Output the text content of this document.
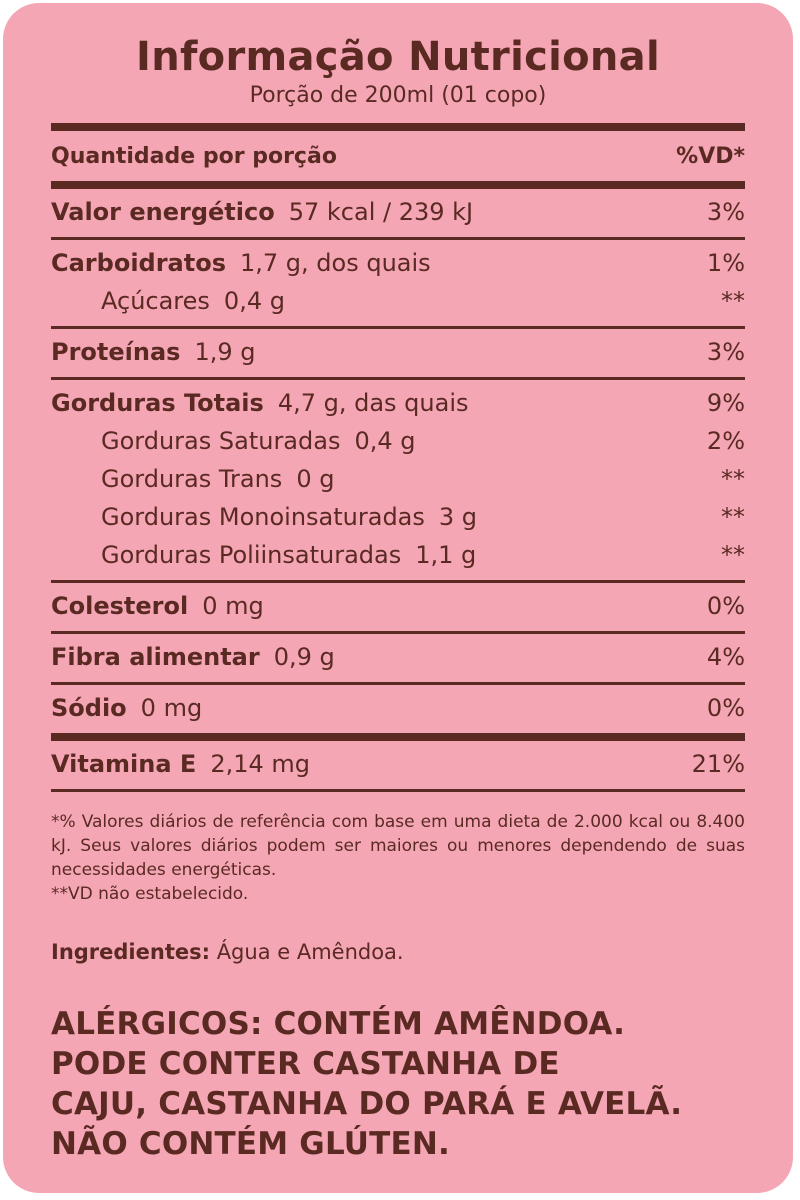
Informação Nutricional
Porção de 200ml (01 copo)
Quantidade por porção	%VD*
Valor energético 57 kcal / 239 kJ	3%
Carboidratos 1,7 g, dos quais	1%
Açúcares 0,4 g	**
Proteínas 1,9 g	3%
Gorduras Totais 4,7 g, das quais	9%
Gorduras Saturadas 0,4 g	2%
Gorduras Trans 0 g	**
Gorduras Monoinsaturadas 3 g	**
Gorduras Poliinsaturadas 1,1 g	**
Colesterol 0 mg	0%
Fibra alimentar 0,9 g	4%
Sódio 0 mg	0%
Vitamina E 2,14 mg	21%

*% Valores diários de referência com base em uma dieta de 2.000 kcal ou 8.400 kJ. Seus valores diários podem ser maiores ou menores dependendo de suas necessidades energéticas.

**VD não estabelecido.

Ingredientes: Água e Amêndoa.
ALÉRGICOS: CONTÉM AMÊNDOA.
PODE CONTER CASTANHA DE
CAJU, CASTANHA DO PARÁ E AVELÃ.
NÃO CONTÉM GLÚTEN.
